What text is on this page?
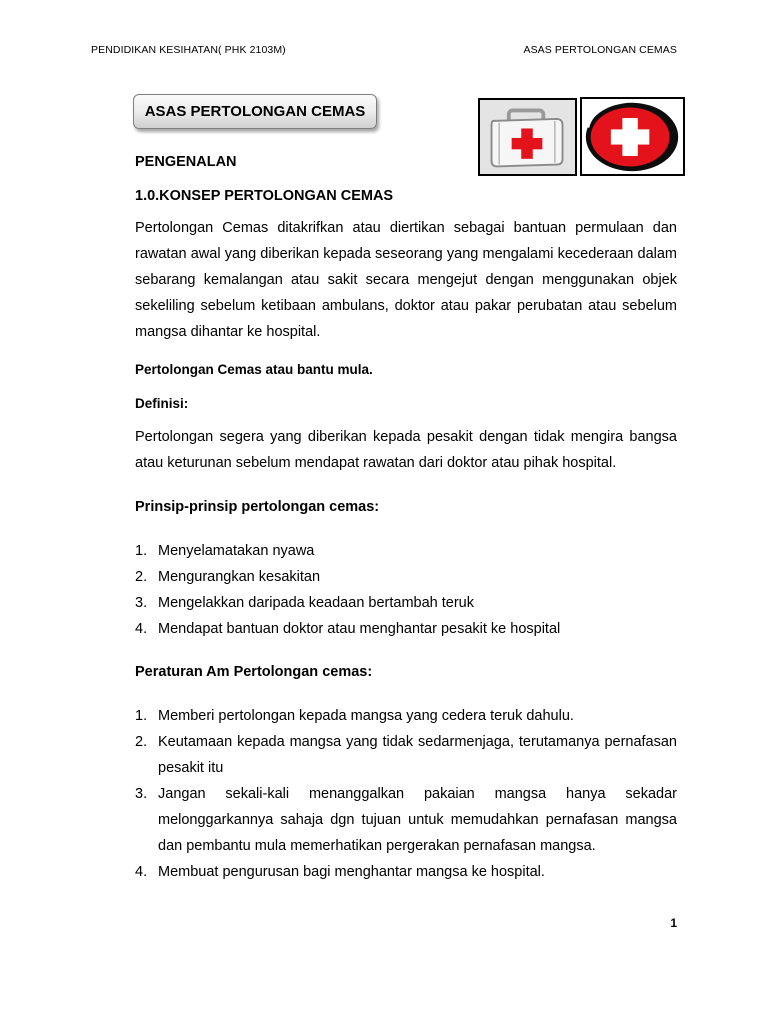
PENDIDIKAN KESIHATAN( PHK 2103M)	ASAS PERTOLONGAN CEMAS
ASAS PERTOLONGAN CEMAS
PENGENALAN
1.0.KONSEP PERTOLONGAN CEMAS
Pertolongan Cemas ditakrifkan atau diertikan sebagai bantuan permulaan dan rawatan awal yang diberikan kepada seseorang yang mengalami kecederaan dalam sebarang kemalangan atau sakit secara mengejut dengan menggunakan objek sekeliling sebelum ketibaan ambulans, doktor atau pakar perubatan atau sebelum mangsa dihantar ke hospital.
Pertolongan Cemas atau bantu mula.
Definisi:
Pertolongan segera yang diberikan kepada pesakit dengan tidak mengira bangsa atau keturunan sebelum mendapat rawatan dari doktor atau pihak hospital.
Prinsip-prinsip pertolongan cemas:
1. Menyelamatakan nyawa
2. Mengurangkan kesakitan
3. Mengelakkan daripada keadaan bertambah teruk
4. Mendapat bantuan doktor atau menghantar pesakit ke hospital
Peraturan Am Pertolongan cemas:
1. Memberi pertolongan kepada mangsa yang cedera teruk dahulu.
2. Keutamaan kepada mangsa yang tidak sedarmenjaga, terutamanya pernafasan pesakit itu
3. Jangan sekali-kali menanggalkan pakaian mangsa hanya sekadar melonggarkannya sahaja dgn tujuan untuk memudahkan pernafasan mangsa dan pembantu mula memerhatikan pergerakan pernafasan mangsa.
4. Membuat pengurusan bagi menghantar mangsa ke hospital.
1
